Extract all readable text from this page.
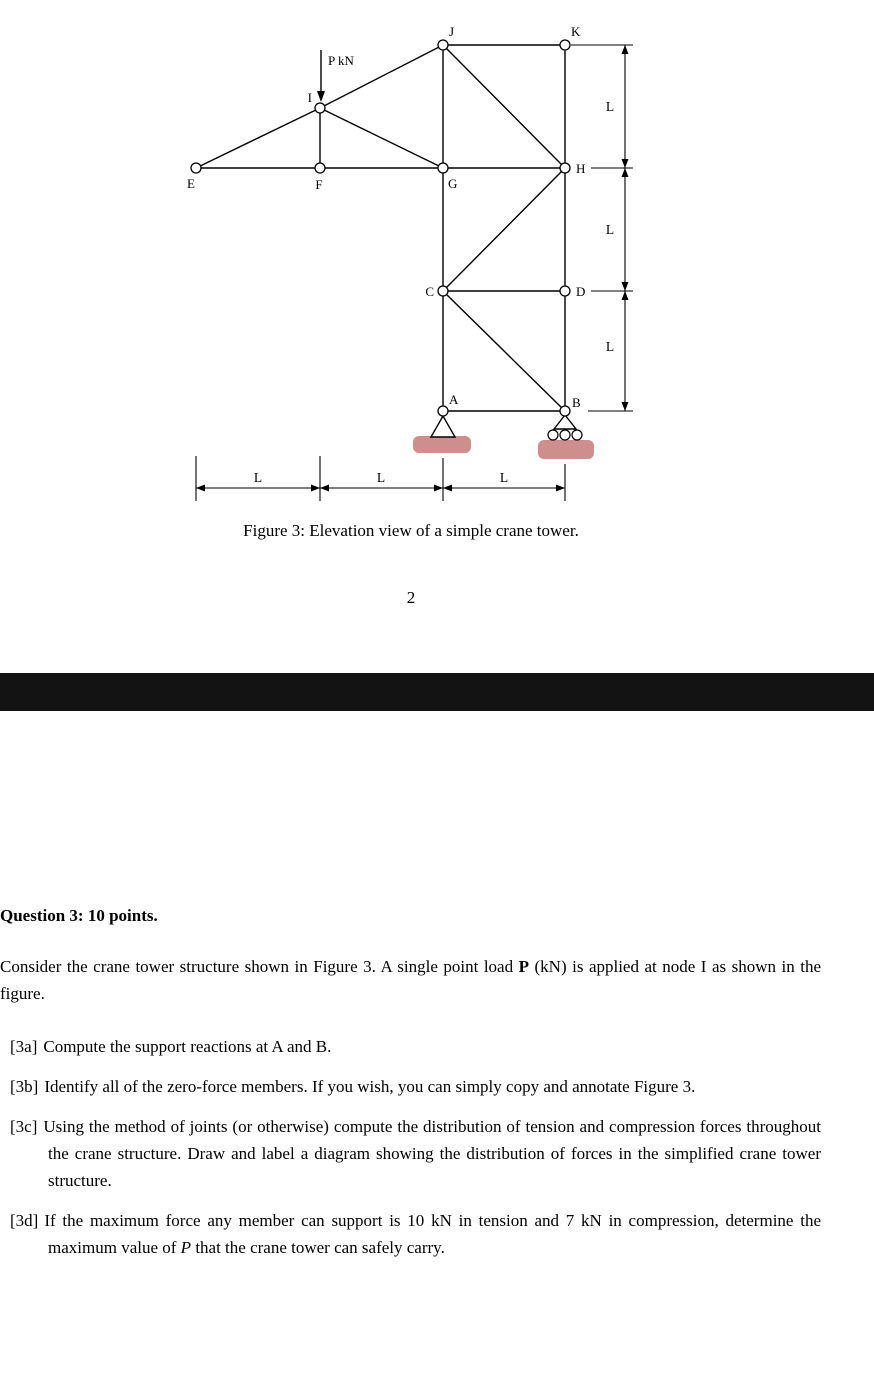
P kN
L
L
L
L	L	L
E	F	G
H
I
J	K
C	D
A	B
Figure 3: Elevation view of a simple crane tower.
2
Question 3: 10 points.

Consider the crane tower structure shown in Figure 3. A single point load P (kN) is applied at node I as shown in the figure.

[3a] Compute the support reactions at A and B.
[3b] Identify all of the zero-force members. If you wish, you can simply copy and annotate Figure 3.
[3c] Using the method of joints (or otherwise) compute the distribution of tension and compression forces throughout the crane structure. Draw and label a diagram showing the distribution of forces in the simplified crane tower structure.
[3d] If the maximum force any member can support is 10 kN in tension and 7 kN in compression, determine the maximum value of P that the crane tower can safely carry.
